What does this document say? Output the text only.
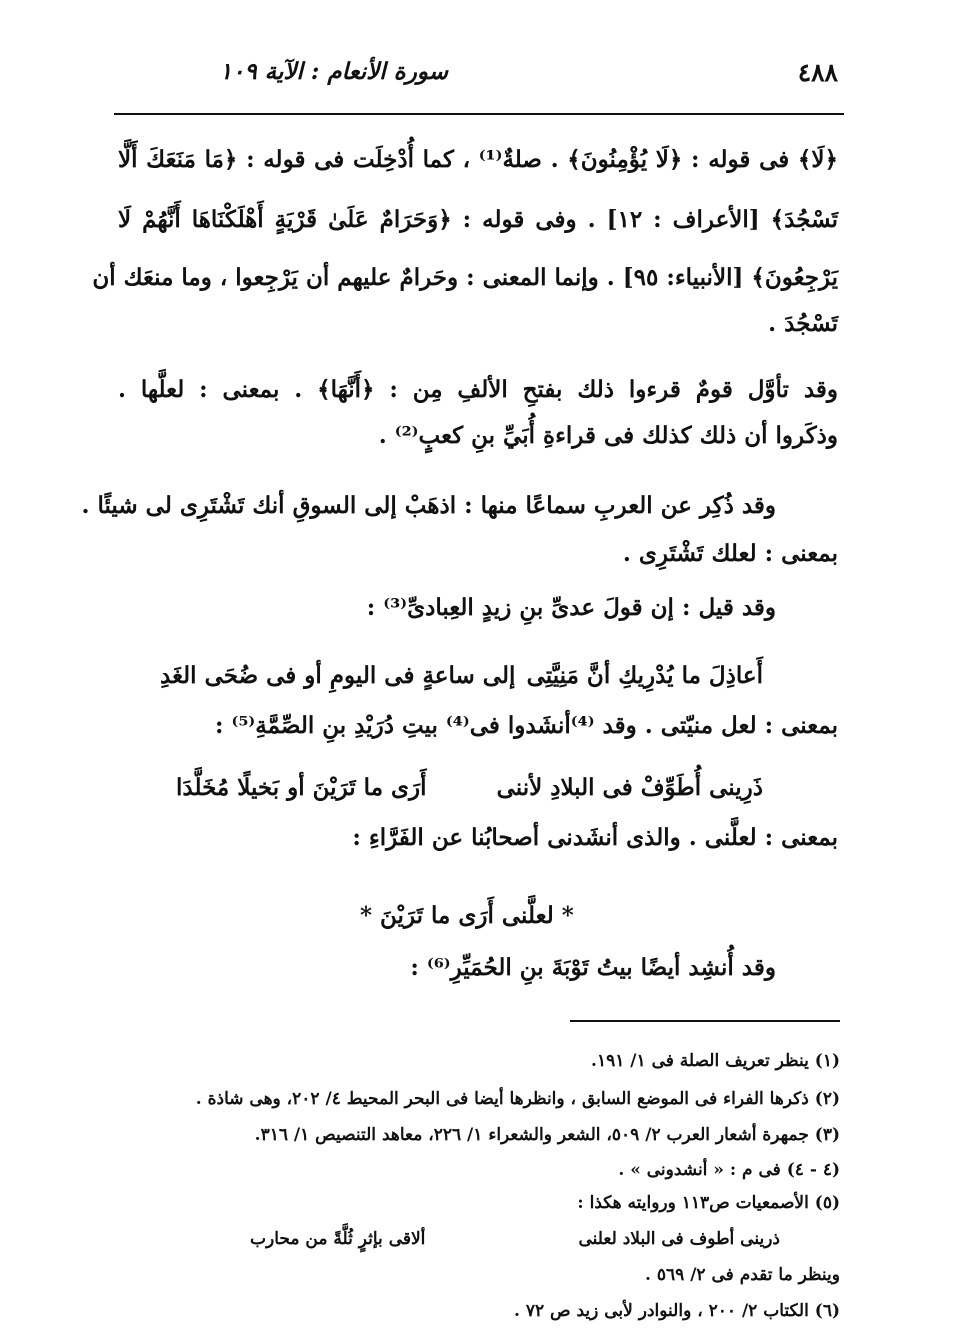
٤٨٨
سورة الأنعام : الآية ١٠٩
﴿لَا﴾ فى قوله : ﴿لَا يُؤْمِنُونَ﴾ . صلةٌ⁽¹⁾ ، كما أُدْخِلَت فى قوله : ﴿مَا مَنَعَكَ أَلَّا
تَسْجُدَ﴾ [الأعراف : ١٢] . وفى قوله : ﴿وَحَرَامٌ عَلَىٰ قَرْيَةٍ أَهْلَكْنَاهَا أَنَّهُمْ لَا
يَرْجِعُونَ﴾ [الأنبياء: ٩٥] . وإنما المعنى : وحَرامٌ عليهم أن يَرْجِعوا ، وما منعَك أن
تَسْجُدَ .
وقد تأوَّل قومٌ قرءوا ذلك بفتحِ الألفِ مِن : ﴿أَنَّهَا﴾ . بمعنى : لعلَّها .
وذكَروا أن ذلك كذلك فى قراءةِ أُبَيِّ بنِ كعبٍ⁽²⁾ .
وقد ذُكِر عن العربِ سماعًا منها : اذهَبْ إلى السوقِ أنك تَشْتَرِى لى شيئًا .
بمعنى : لعلك تَشْتَرِى .
وقد قيل : إن قولَ عدىِّ بنِ زيدٍ العِبادىِّ⁽³⁾ :
أَعاذِلَ ما يُدْرِيكِ أنَّ مَنِيَّتِى
إلى ساعةٍ فى اليومِ أو فى ضُحَى الغَدِ
بمعنى : لعل منيّتى . وقد ⁽⁴⁾أنشَدوا فى⁽⁴⁾ بيتِ دُرَيْدِ بنِ الصِّمَّةِ⁽⁵⁾ :
ذَرِينى أُطَوِّفْ فى البلادِ لأننى
أَرَى ما تَرَيْنَ أو بَخيلًا مُخَلَّدَا
بمعنى : لعلَّنى . والذى أنشَدنى أصحابُنا عن الفَرَّاءِ :
* لعلَّنى أَرَى ما تَرَيْنَ *
وقد أُنشِد أيضًا بيتُ تَوْبَةَ بنِ الحُمَيِّرِ⁽⁶⁾ :
(١) ينظر تعريف الصلة فى ١/ ١٩١.
(٢) ذكرها الفراء فى الموضع السابق ، وانظرها أيضا فى البحر المحيط ٤/ ٢٠٢، وهى شاذة .
(٣) جمهرة أشعار العرب ٢/ ٥٠٩، الشعر والشعراء ١/ ٢٢٦، معاهد التنصيص ١/ ٣١٦.
(٤ - ٤) فى م : « أنشدونى » .
(٥) الأصمعيات ص١١٣ وروايته هكذا :
ذرينى أطوف فى البلاد لعلنى
ألاقى بإثرٍ ثُلَّةً من محارب
وينظر ما تقدم فى ٢/ ٥٦٩ .
(٦) الكتاب ٢/ ٢٠٠ ، والنوادر لأبى زيد ص ٧٢ .
